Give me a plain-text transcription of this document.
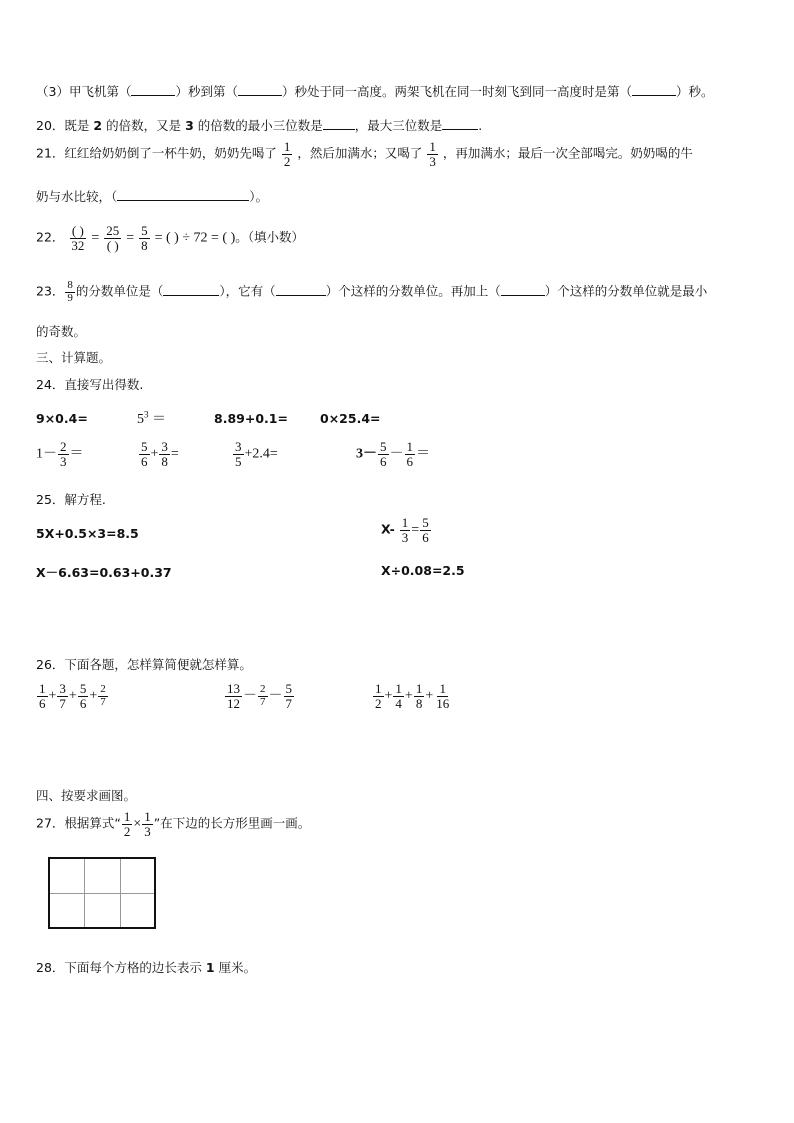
（3）甲飞机第（	）秒到第（	）秒处于同一高度。两架飞机在同一时刻飞到同一高度时是第（	）秒。
20．既是 2 的倍数，又是 3 的倍数的最小三位数是	，最大三位数是	.
21．红红给奶奶倒了一杯牛奶，奶奶先喝了 $\frac{1}{2}$ ，然后加满水；又喝了 $\frac{1}{3}$ ，再加满水；最后一次全部喝完。奶奶喝的牛
奶与水比较，（	）。
22． $\frac{( )}{32} = \frac{25}{( )} = \frac{5}{8}$ = ( ) ÷ 72 = ( )。（填小数）
23． $\frac{8}{9}$ 的分数单位是（	），它有（	）个这样的分数单位。再加上（	）个这样的分数单位就是最小
的奇数。
三、计算题。
24．直接写出得数.
9×0.4=	$5^3$ ＝	8.89+0.1=	0×25.4=
$1- \frac{2}{3}$ ＝	$\frac{5}{6} + \frac{3}{8}$ =	$\frac{3}{5} +2.4=$	$3- \frac{5}{6} - \frac{1}{6}$ ＝
25．解方程.
5X+0.5×3=8.5	$X- \frac{1}{3} = \frac{5}{6}$
X－6.63=0.63+0.37	X÷0.08=2.5
26．下面各题，怎样算简便就怎样算。
$\frac{1}{6} + \frac{3}{7} + \frac{5}{6} + \frac{2}{7}$	$\frac{13}{12} - \frac{2}{7} - \frac{5}{7}$	$\frac{1}{2} + \frac{1}{4} + \frac{1}{8} + \frac{1}{16}$
四、按要求画图。
27．根据算式“ $\frac{1}{2} \times \frac{1}{3}$ ”在下边的长方形里画一画。
28．下面每个方格的边长表示 1 厘米。
